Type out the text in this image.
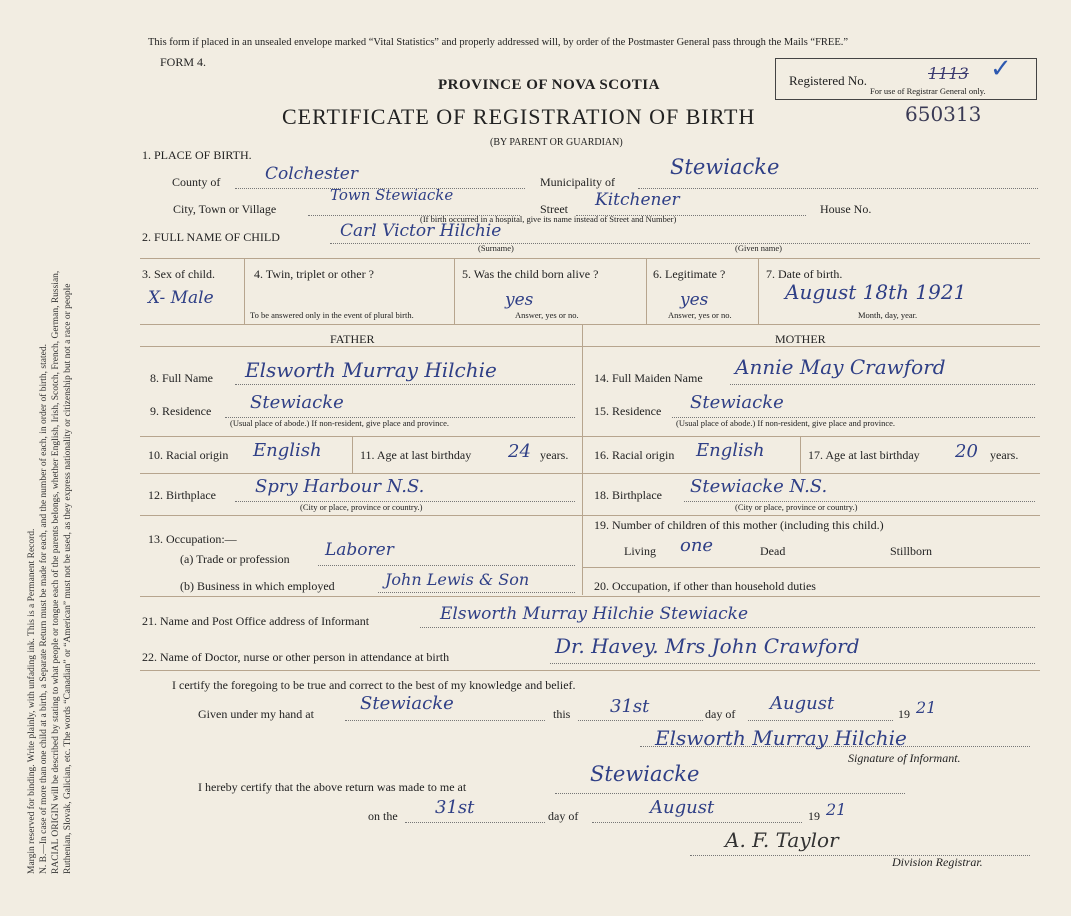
Margin reserved for binding. Write plainly, with unfading ink. This is a Permanent Record. N. B.—In case of more than one child at a birth, a Separate Return must be made for each, and the number of each, in order of birth, stated. RACIAL ORIGIN will be described by stating to what people or tongue each of the parents belongs, whether English, Irish, Scotch, French, German, Russian, Ruthenian, Slovak, Galician, etc. The words “Canadian” or “American” must not be used, as they express nationality or citizenship but not a race or people
This form if placed in an unsealed envelope marked “Vital Statistics” and properly addressed will, by order of the Postmaster General pass through the Mails “FREE.”
FORM 4.
Registered No.	1113 ✓
For use of Registrar General only.
PROVINCE OF NOVA SCOTIA
CERTIFICATE OF REGISTRATION OF BIRTH	650313
(BY PARENT OR GUARDIAN)
1. PLACE OF BIRTH.
County of	Colchester	Municipality of
Stewiacke
City, Town or Village
Town Stewiacke
Street Kitchener	House No.
(If birth occurred in a hospital, give its name instead of Street and Number)
2. FULL NAME OF CHILD	Carl Victor Hilchie
(Surname)	(Given name)
3. Sex of child.
X- Male
4. Twin, triplet or other ?
To be answered only in the event of plural birth.
5. Was the child born alive ?
yes
Answer, yes or no.
6. Legitimate ?
yes
Answer, yes or no.
7. Date of birth.
August 18th 1921
Month, day, year.
FATHER	MOTHER
8. Full Name Elsworth Murray Hilchie
9. Residence Stewiacke
(Usual place of abode.) If non-resident, give place and province.
10. Racial origin English	11. Age at last birthday 24 years.
12. Birthplace Spry Harbour N.S.
(City or place, province or country.)
13. Occupation:—
(a) Trade or profession Laborer
(b) Business in which employed	John Lewis & Son
14. Full Maiden Name Annie May Crawford
15. Residence Stewiacke
(Usual place of abode.) If non-resident, give place and province.
16. Racial origin English	17. Age at last birthday 20 years.
18. Birthplace Stewiacke N.S.
(City or place, province or country.)
19. Number of children of this mother (including this child.)
Living one	Dead	Stillborn
20. Occupation, if other than household duties
21. Name and Post Office address of Informant	Elsworth Murray Hilchie Stewiacke
22. Name of Doctor, nurse or other person in attendance at birth	Dr. Havey. Mrs John Crawford
I certify the foregoing to be true and correct to the best of my knowledge and belief.
Given under my hand at	Stewiacke	this 31st	day of August	19 21
Elsworth Murray Hilchie
Signature of Informant.
I hereby certify that the above return was made to me at
Stewiacke
on the 31st	day of	August	19 21
A. F. Taylor
Division Registrar.
